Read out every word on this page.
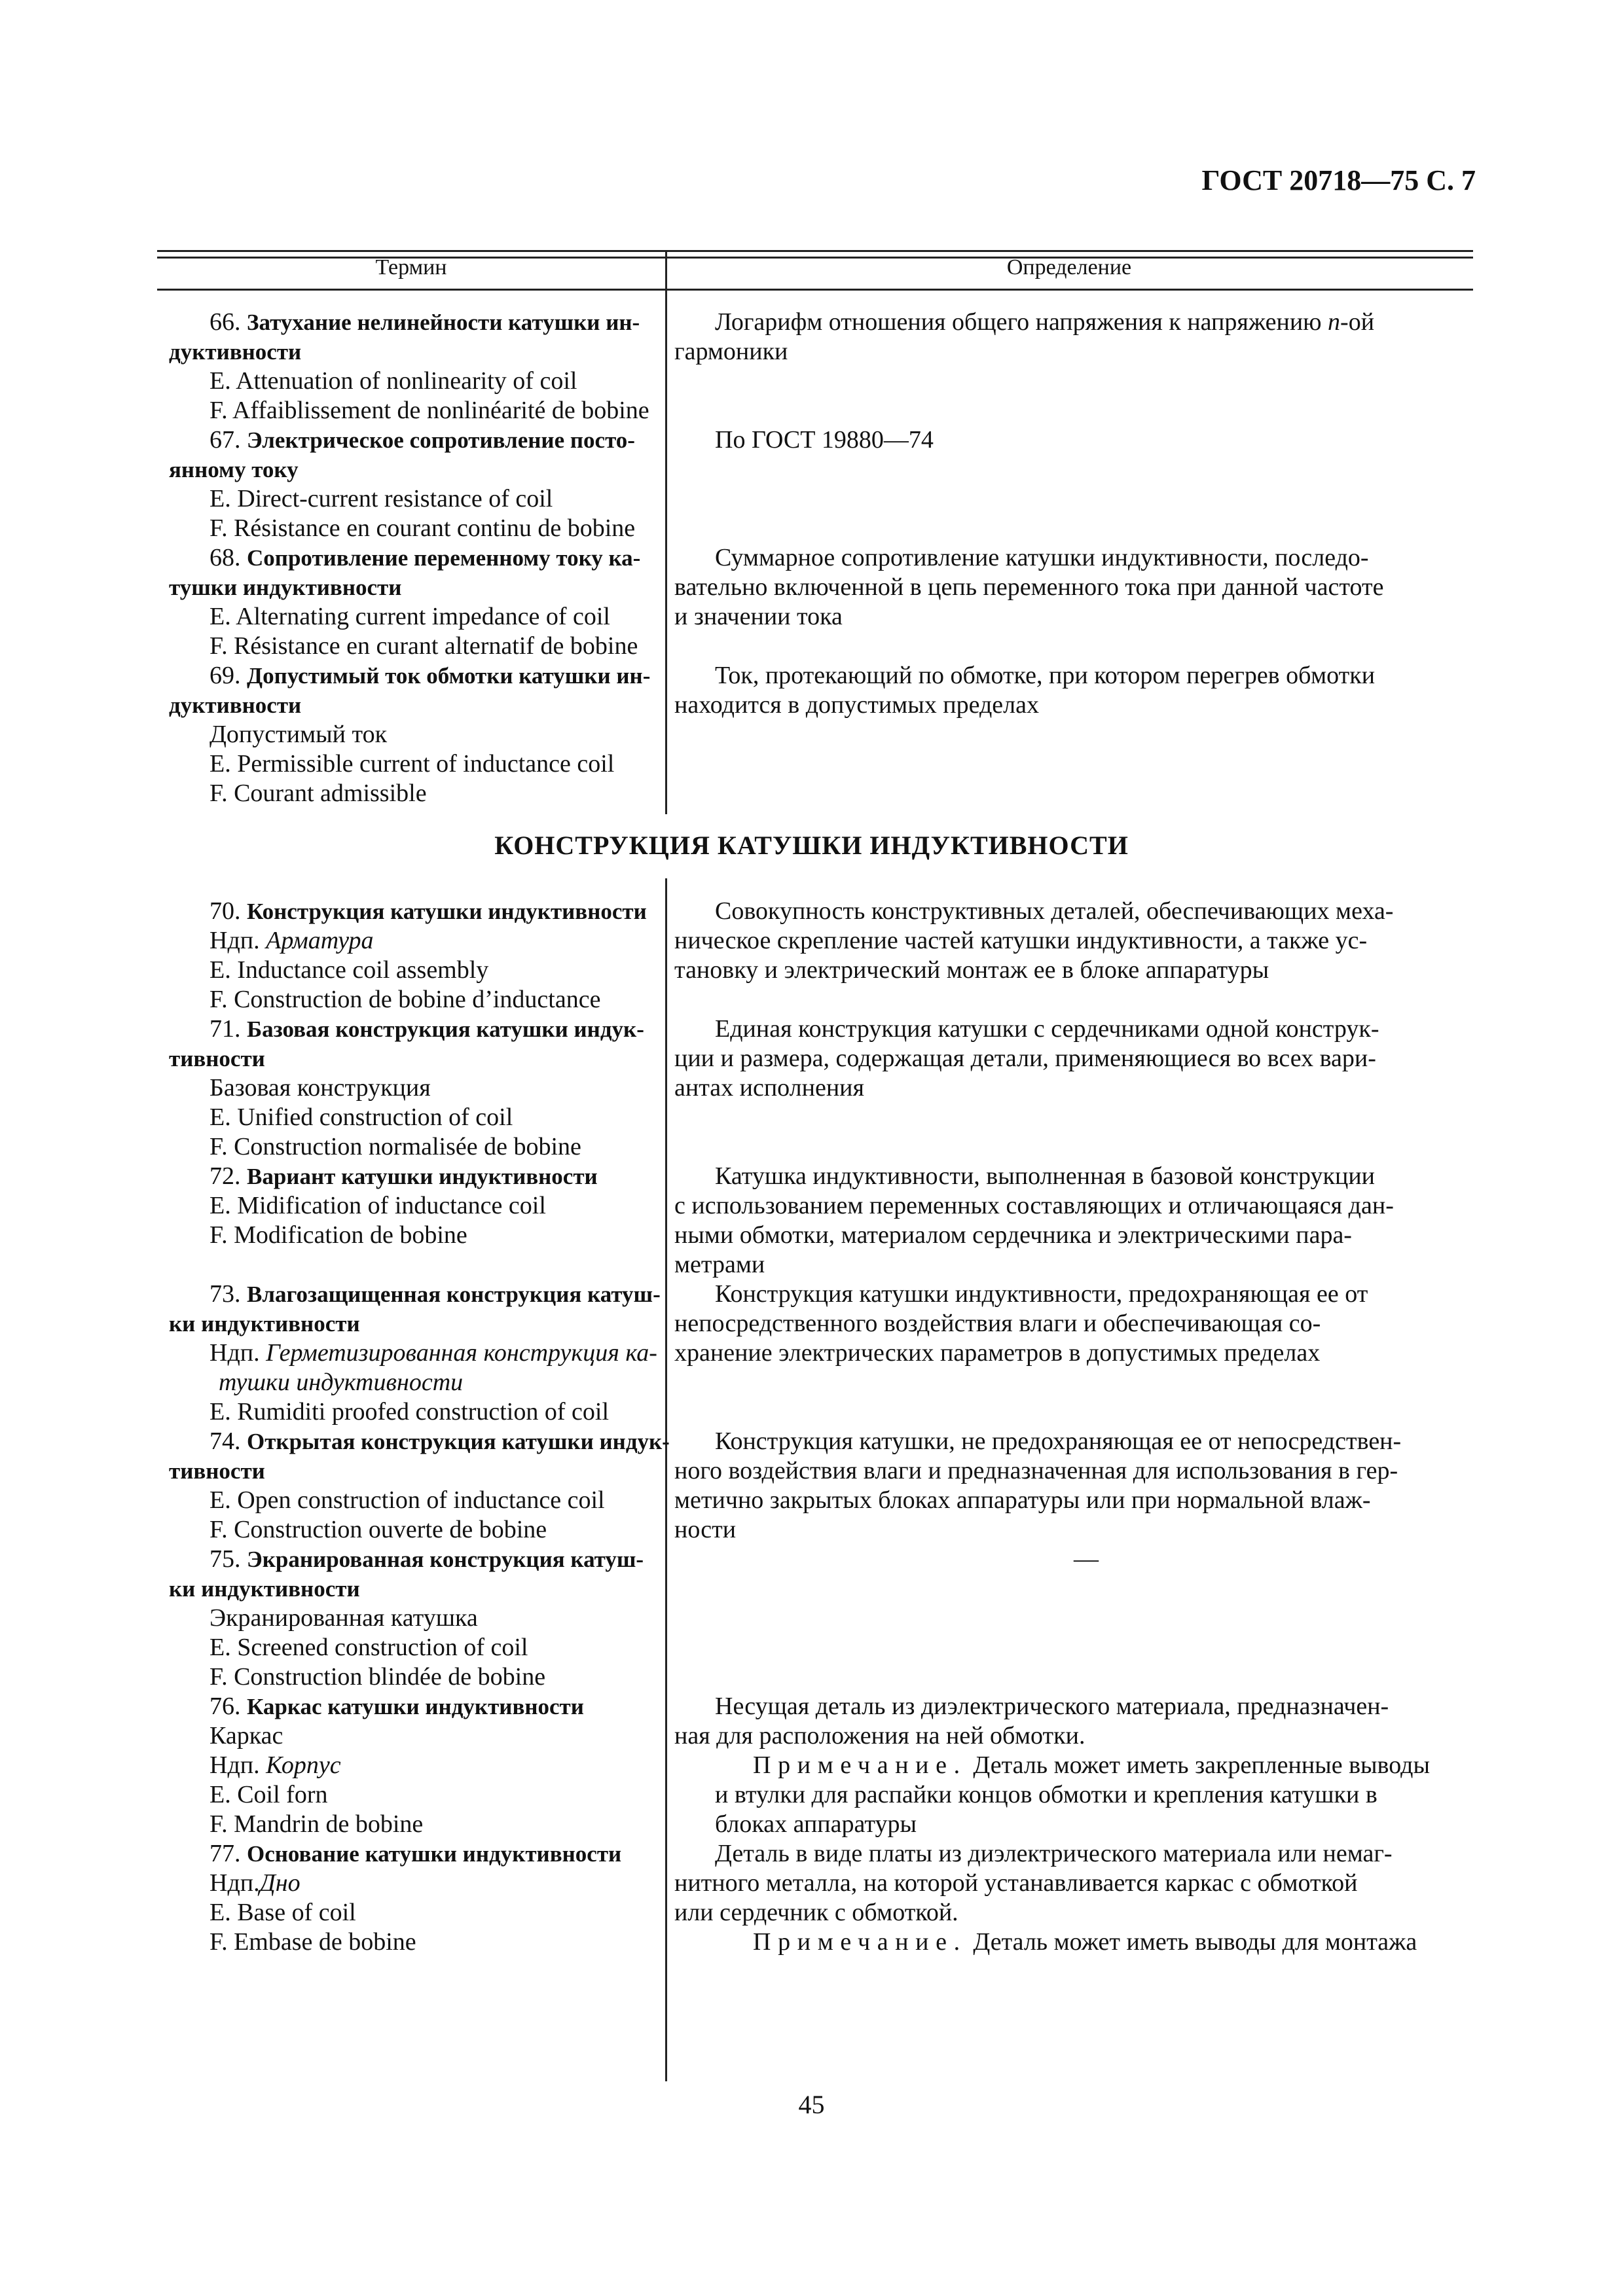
ГОСТ 20718—75 С. 7
Термин	Определение
66. Затухание нелинейности катушки ин-
дуктивности
E. Attenuation of nonlinearity of coil
F. Affaiblissement de nonlinéarité de bobine
Логарифм отношения общего напряжения к напряжению n-ой
гармоники
67. Электрическое сопротивление посто-
янному току
E. Direct-current resistance of coil
F. Résistance en courant continu de bobine
По ГОСТ 19880—74
68. Сопротивление переменному току ка-
тушки индуктивности
E. Alternating current impedance of coil
F. Résistance en curant alternatif de bobine
Суммарное сопротивление катушки индуктивности, последо-
вательно включенной в цепь переменного тока при данной частоте
и значении тока
69. Допустимый ток обмотки катушки ин-
дуктивности
Допустимый ток
E. Permissible current of inductance coil
F. Courant admissible
Ток, протекающий по обмотке, при котором перегрев обмотки
находится в допустимых пределах
КОНСТРУКЦИЯ КАТУШКИ ИНДУКТИВНОСТИ
70. Конструкция катушки индуктивности
Ндп. Арматура
E. Inductance coil assembly
F. Construction de bobine d’inductance
Совокупность конструктивных деталей, обеспечивающих меха-
ническое скрепление частей катушки индуктивности, а также ус-
тановку и электрический монтаж ее в блоке аппаратуры
71. Базовая конструкция катушки индук-
тивности
Базовая конструкция
E. Unified construction of coil
F. Construction normalisée de bobine
Единая конструкция катушки с сердечниками одной конструк-
ции и размера, содержащая детали, применяющиеся во всех вари-
антах исполнения
72. Вариант катушки индуктивности
E. Midification of inductance coil
F. Modification de bobine
Катушка индуктивности, выполненная в базовой конструкции
с использованием переменных составляющих и отличающаяся дан-
ными обмотки, материалом сердечника и электрическими пара-
метрами
73. Влагозащищенная конструкция катуш-
ки индуктивности
Ндп. Герметизированная конструкция ка-
тушки индуктивности
E. Rumiditi proofed construction of coil
Конструкция катушки индуктивности, предохраняющая ее от
непосредственного воздействия влаги и обеспечивающая со-
хранение электрических параметров в допустимых пределах
74. Открытая конструкция катушки индук-
тивности
E. Open construction of inductance coil
F. Construction ouverte de bobine
Конструкция катушки, не предохраняющая ее от непосредствен-
ного воздействия влаги и предназначенная для использования в гер-
метично закрытых блоках аппаратуры или при нормальной влаж-
ности
75. Экранированная конструкция катуш-
ки индуктивности
Экранированная катушка
E. Screened construction of coil
F. Construction blindée de bobine
—
76. Каркас катушки индуктивности
Каркас
Ндп. Корпус
E. Coil forn
F. Mandrin de bobine
Несущая деталь из диэлектрического материала, предназначен-
ная для расположения на ней обмотки.
Примечание. Деталь может иметь закрепленные выводы
и втулки для распайки концов обмотки и крепления катушки в
блоках аппаратуры
77. Основание катушки индуктивности
Ндп.Дно
E. Base of coil
F. Embase de bobine
Деталь в виде платы из диэлектрического материала или немаг-
нитного металла, на которой устанавливается каркас с обмоткой
или сердечник с обмоткой.
Примечание. Деталь может иметь выводы для монтажа
45
